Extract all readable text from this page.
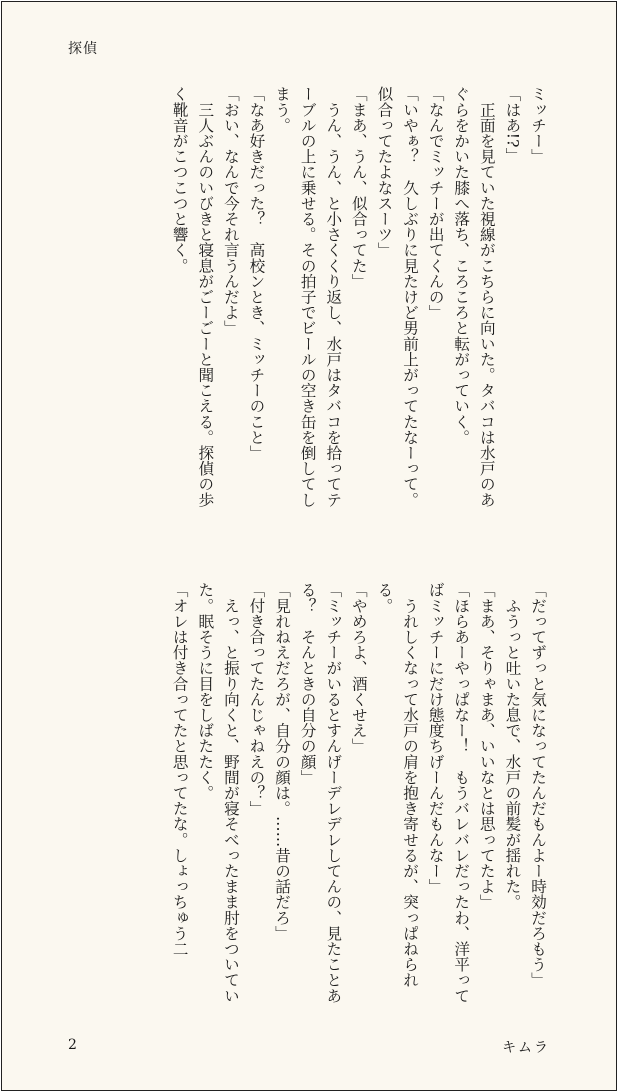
探偵

ミッチー」

「はあ!?」

　正面を見ていた視線がこちらに向いた。タバコは水戸のあぐらをかいた膝へ落ち、ころころと転がっていく。

「なんでミッチーが出てくんの」

「いやぁ？　久しぶりに見たけど男前上がってたなーって。似合ってたよなスーツ」

「まあ、うん、似合ってた」

　うん、うん、と小さくくり返し、水戸はタバコを拾ってテーブルの上に乗せる。その拍子でビールの空き缶を倒してしまう。

「なあ好きだった？　高校ンとき、ミッチーのこと」

「おい、なんで今それ言うんだよ」

　三人ぶんのいびきと寝息がごーごーと聞こえる。探偵の歩く靴音がこつこつと響く。

「だってずっと気になってたんだもんよー時効だろもう」

　ふうっと吐いた息で、水戸の前髪が揺れた。

「まあ、そりゃまあ、いいなとは思ってたよ」

「ほらあーやっぱなー！　もうバレバレだったわ、洋平ってばミッチーにだけ態度ちげーんだもんなー」

　うれしくなって水戸の肩を抱き寄せるが、突っぱねられる。

「やめろよ、酒くせえ」

「ミッチーがいるとすんげーデレデレしてんの、見たことある？　そんときの自分の顔」

「見れねえだろが、自分の顔は。……昔の話だろ」

「付き合ってたんじゃねえの？」

　えっ、と振り向くと、野間が寝そべったまま肘をついていた。眠そうに目をしばたたく。

「オレは付き合ってたと思ってたな。しょっちゅう二

2	キムラ
